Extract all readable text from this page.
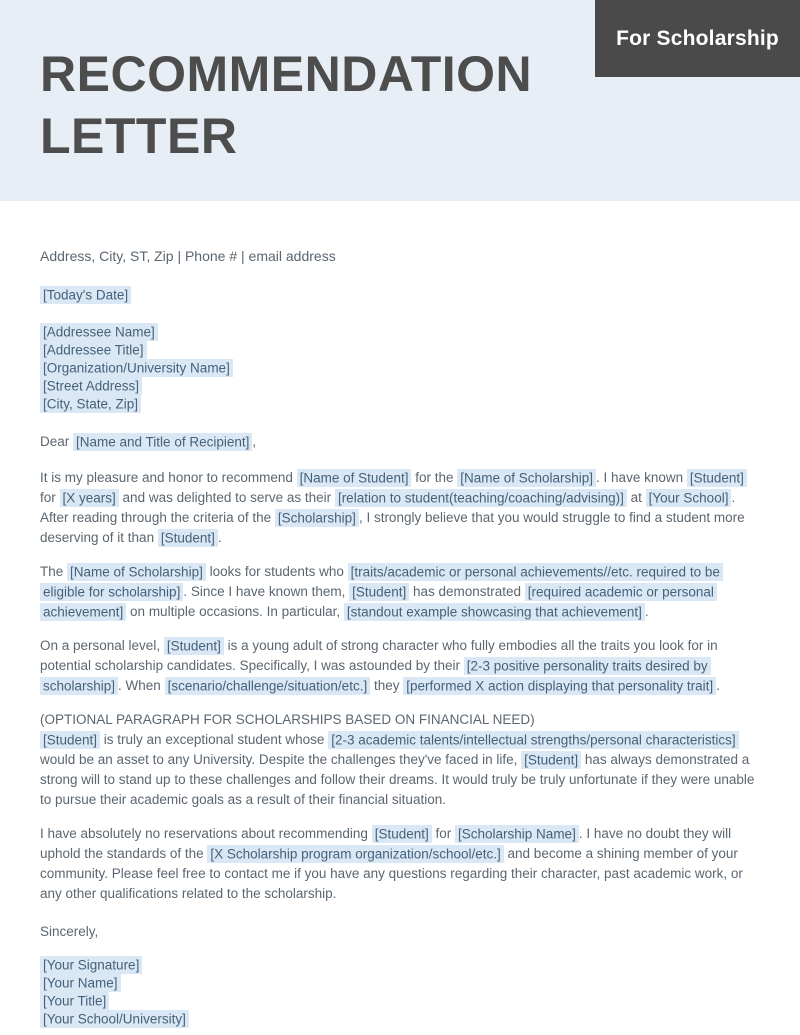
RECOMMENDATION
LETTER
For Scholarship

Address, City, ST, Zip | Phone # | email address

[Today's Date]

[Addressee Name]
[Addressee Title]
[Organization/University Name]
[Street Address]
[City, State, Zip]

Dear [Name and Title of Recipient] ,

It is my pleasure and honor to recommend [Name of Student] for the [Name of Scholarship] . I have known [Student] for [X years] and was delighted to serve as their [relation to student(teaching/coaching/advising)] at [Your School] . After reading through the criteria of the [Scholarship] , I strongly believe that you would struggle to find a student more deserving of it than [Student] .

The [Name of Scholarship] looks for students who [traits/academic or personal achievements//etc. required to be eligible for scholarship] . Since I have known them, [Student] has demonstrated [required academic or personal achievement] on multiple occasions. In particular, [standout example showcasing that achievement] .

On a personal level, [Student] is a young adult of strong character who fully embodies all the traits you look for in potential scholarship candidates. Specifically, I was astounded by their [2-3 positive personality traits desired by scholarship] . When [scenario/challenge/situation/etc.] they [performed X action displaying that personality trait] .

(OPTIONAL PARAGRAPH FOR SCHOLARSHIPS BASED ON FINANCIAL NEED)
[Student] is truly an exceptional student whose [2-3 academic talents/intellectual strengths/personal characteristics] would be an asset to any University. Despite the challenges they've faced in life, [Student] has always demonstrated a strong will to stand up to these challenges and follow their dreams. It would truly be truly unfortunate if they were unable to pursue their academic goals as a result of their financial situation.

I have absolutely no reservations about recommending [Student] for [Scholarship Name] . I have no doubt they will uphold the standards of the [X Scholarship program organization/school/etc.] and become a shining member of your community. Please feel free to contact me if you have any questions regarding their character, past academic work, or any other qualifications related to the scholarship.

Sincerely,

[Your Signature]
[Your Name]
[Your Title]
[Your School/University]
